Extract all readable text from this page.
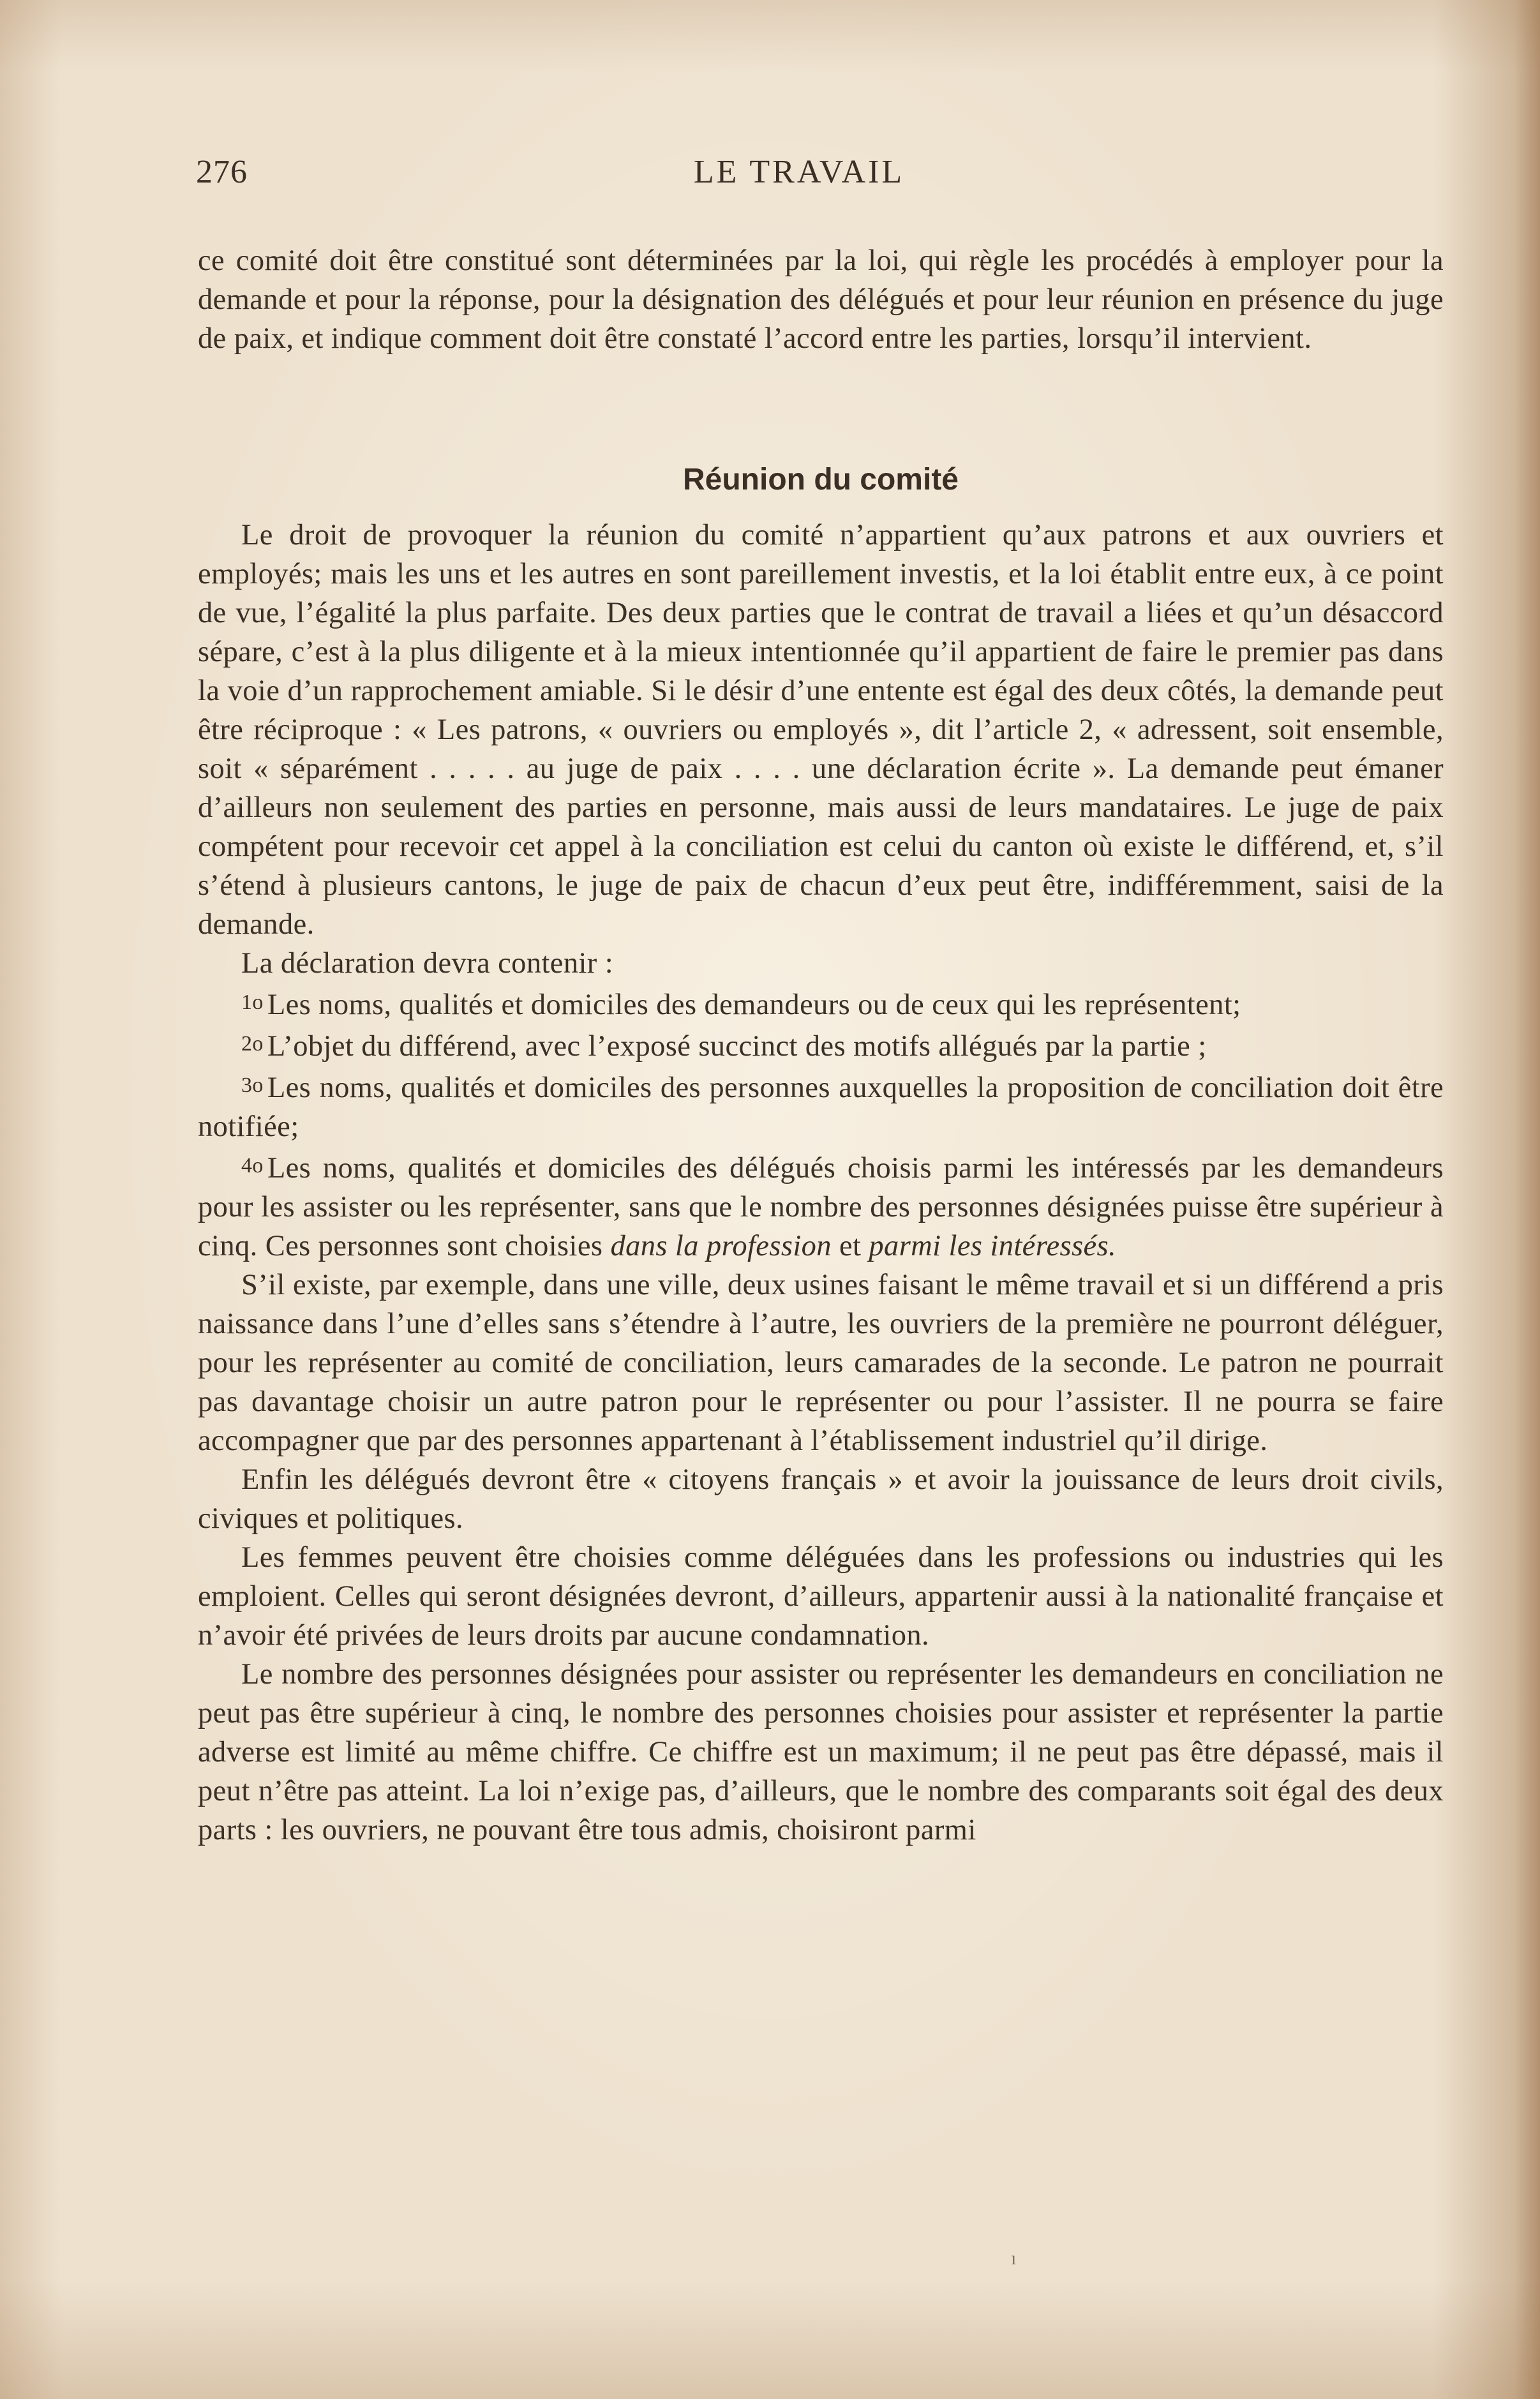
276	LE TRAVAIL

ce comité doit être constitué sont déterminées par la loi, qui règle les procédés à employer pour la demande et pour la réponse, pour la désignation des délégués et pour leur réunion en présence du juge de paix, et indique comment doit être constaté l’accord entre les parties, lorsqu’il intervient.

Réunion du comité

Le droit de provoquer la réunion du comité n’appartient qu’aux patrons et aux ouvriers et employés; mais les uns et les autres en sont pareillement investis, et la loi établit entre eux, à ce point de vue, l’égalité la plus parfaite. Des deux parties que le contrat de travail a liées et qu’un désaccord sépare, c’est à la plus diligente et à la mieux intentionnée qu’il appartient de faire le premier pas dans la voie d’un rapprochement amiable. Si le désir d’une entente est égal des deux côtés, la demande peut être réciproque : « Les patrons, « ouvriers ou employés », dit l’article 2, « adressent, soit ensemble, soit « séparément . . . . . au juge de paix . . . . une déclaration écrite ». La demande peut émaner d’ailleurs non seulement des parties en personne, mais aussi de leurs mandataires. Le juge de paix compétent pour recevoir cet appel à la conciliation est celui du canton où existe le différend, et, s’il s’étend à plusieurs cantons, le juge de paix de chacun d’eux peut être, indifféremment, saisi de la demande.

La déclaration devra contenir :

1o Les noms, qualités et domiciles des demandeurs ou de ceux qui les représentent;

2o L’objet du différend, avec l’exposé succinct des motifs allégués par la partie ;

3o Les noms, qualités et domiciles des personnes auxquelles la proposition de conciliation doit être notifiée;

4o Les noms, qualités et domiciles des délégués choisis parmi les intéressés par les demandeurs pour les assister ou les représenter, sans que le nombre des personnes désignées puisse être supérieur à cinq. Ces personnes sont choisies dans la profession et parmi les intéressés.

S’il existe, par exemple, dans une ville, deux usines faisant le même travail et si un différend a pris naissance dans l’une d’elles sans s’étendre à l’autre, les ouvriers de la première ne pourront déléguer, pour les représenter au comité de conciliation, leurs camarades de la seconde. Le patron ne pourrait pas davantage choisir un autre patron pour le représenter ou pour l’assister. Il ne pourra se faire accompagner que par des personnes appartenant à l’établissement industriel qu’il dirige.

Enfin les délégués devront être « citoyens français » et avoir la jouissance de leurs droit civils, civiques et politiques.

Les femmes peuvent être choisies comme déléguées dans les professions ou industries qui les emploient. Celles qui seront désignées devront, d’ailleurs, appartenir aussi à la nationalité française et n’avoir été privées de leurs droits par aucune condamnation.

Le nombre des personnes désignées pour assister ou représenter les demandeurs en conciliation ne peut pas être supérieur à cinq, le nombre des personnes choisies pour assister et représenter la partie adverse est limité au même chiffre. Ce chiffre est un maximum; il ne peut pas être dépassé, mais il peut n’être pas atteint. La loi n’exige pas, d’ailleurs, que le nombre des comparants soit égal des deux parts : les ouvriers, ne pouvant être tous admis, choisiront parmi

ı
